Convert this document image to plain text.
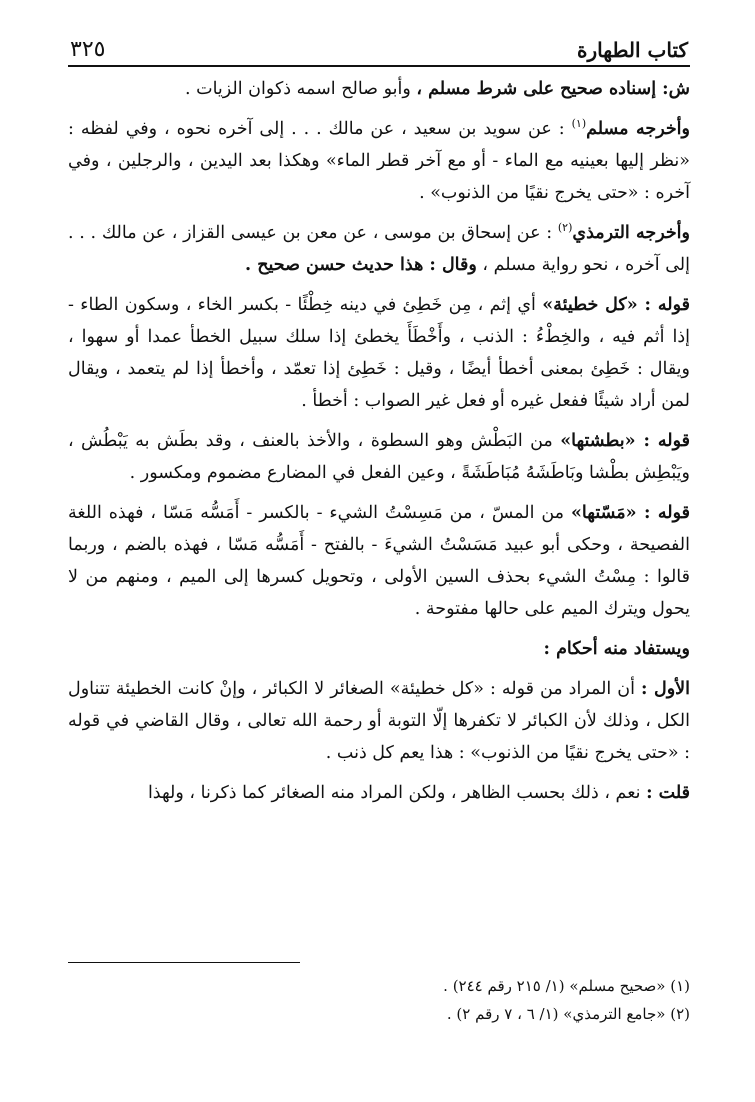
كتاب الطهارة
٣٢٥

ش: إسناده صحيح على شرط مسلم ، وأبو صالح اسمه ذكوان الزيات .

وأخرجه مسلم$^{(١)}$ : عن سويد بن سعيد ، عن مالك . . . إلى آخره نحوه ، وفي لفظه : «نظر إليها بعينيه مع الماء - أو مع آخر قطر الماء» وهكذا بعد اليدين ، والرجلين ، وفي آخره : «حتى يخرج نقيًا من الذنوب» .

وأخرجه الترمذي$^{(٢)}$ : عن إسحاق بن موسى ، عن معن بن عيسى القزاز ، عن مالك . . . إلى آخره ، نحو رواية مسلم ، وقال : هذا حديث حسن صحيح .

قوله : «كل خطيئة» أي إثم ، مِن خَطِئ في دينه خِطْئًا - بكسر الخاء ، وسكون الطاء - إذا أثم فيه ، والخِطْءُ : الذنب ، وأَخْطَأَ يخطئ إذا سلك سبيل الخطأ عمدا أو سهوا ، ويقال : خَطِئ بمعنى أخطأ أيضًا ، وقيل : خَطِئ إذا تعمّد ، وأخطأ إذا لم يتعمد ، ويقال لمن أراد شيئًا ففعل غيره أو فعل غير الصواب : أخطأ .

قوله : «بطشتها» من البَطْش وهو السطوة ، والأخذ بالعنف ، وقد بطَش به يَبْطُش ، ويَبْطِش بطْشا وبَاطَشَهُ مُبَاطَشَةً ، وعين الفعل في المضارع مضموم ومكسور .

قوله : «مَسّتها» من المسّ ، من مَسِسْتُ الشيء - بالكسر - أَمَسُّه مَسّا ، فهذه اللغة الفصيحة ، وحكى أبو عبيد مَسَسْتُ الشيءَ - بالفتح - أَمَسُّه مَسّا ، فهذه بالضم ، وربما قالوا : مِسْتُ الشيء بحذف السين الأولى ، وتحويل كسرها إلى الميم ، ومنهم من لا يحول ويترك الميم على حالها مفتوحة .

ويستفاد منه أحكام :

الأول : أن المراد من قوله : «كل خطيئة» الصغائر لا الكبائر ، وإنْ كانت الخطيئة تتناول الكل ، وذلك لأن الكبائر لا تكفرها إلّا التوبة أو رحمة الله تعالى ، وقال القاضي في قوله : «حتى يخرج نقيًا من الذنوب» : هذا يعم كل ذنب .

قلت : نعم ، ذلك بحسب الظاهر ، ولكن المراد منه الصغائر كما ذكرنا ، ولهذا

(١) «صحيح مسلم» (١/ ٢١٥ رقم ٢٤٤) .
(٢) «جامع الترمذي» (١/ ٦ ، ٧ رقم ٢) .
